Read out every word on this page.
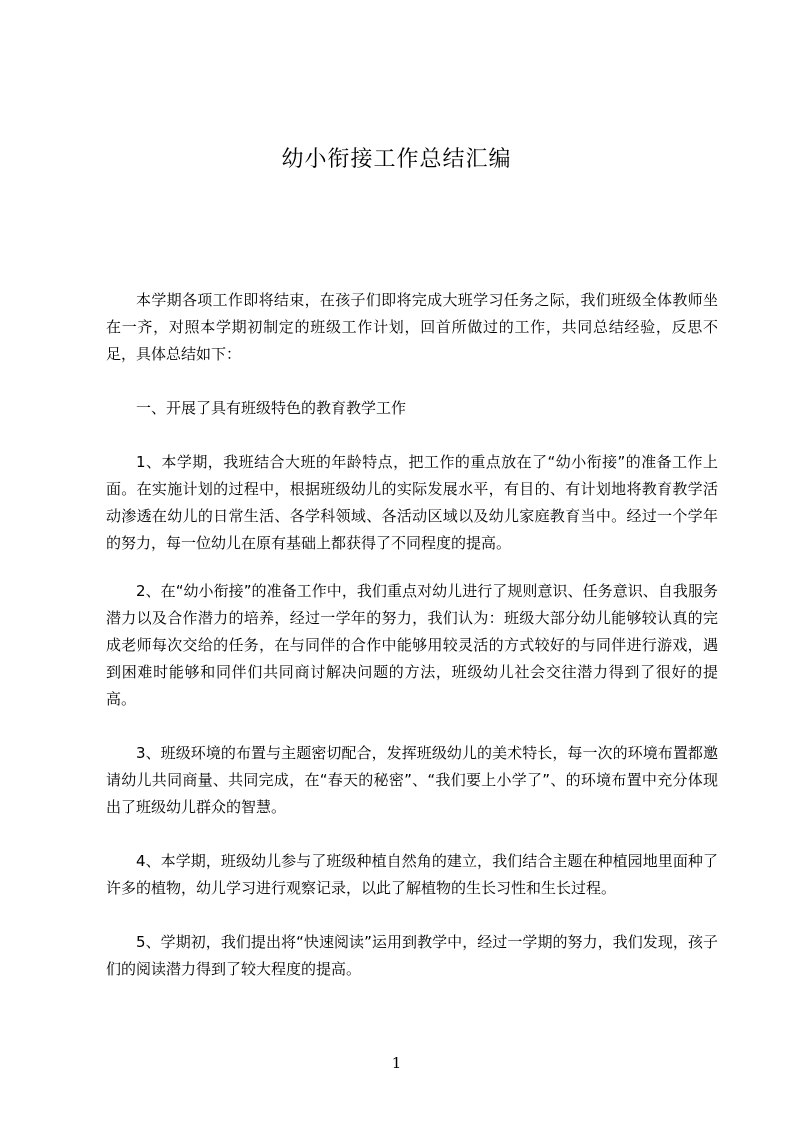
幼小衔接工作总结汇编

本学期各项工作即将结束，在孩子们即将完成大班学习任务之际，我们班级全体教师坐在一齐，对照本学期初制定的班级工作计划，回首所做过的工作，共同总结经验，反思不足，具体总结如下：

一、开展了具有班级特色的教育教学工作

1、本学期，我班结合大班的年龄特点，把工作的重点放在了“幼小衔接”的准备工作上面。在实施计划的过程中，根据班级幼儿的实际发展水平，有目的、有计划地将教育教学活动渗透在幼儿的日常生活、各学科领域、各活动区域以及幼儿家庭教育当中。经过一个学年的努力，每一位幼儿在原有基础上都获得了不同程度的提高。

2、在“幼小衔接”的准备工作中，我们重点对幼儿进行了规则意识、任务意识、自我服务潜力以及合作潜力的培养，经过一学年的努力，我们认为：班级大部分幼儿能够较认真的完成老师每次交给的任务，在与同伴的合作中能够用较灵活的方式较好的与同伴进行游戏，遇到困难时能够和同伴们共同商讨解决问题的方法，班级幼儿社会交往潜力得到了很好的提高。

3、班级环境的布置与主题密切配合，发挥班级幼儿的美术特长，每一次的环境布置都邀请幼儿共同商量、共同完成，在“春天的秘密”、“我们要上小学了”、的环境布置中充分体现出了班级幼儿群众的智慧。

4、本学期，班级幼儿参与了班级种植自然角的建立，我们结合主题在种植园地里面种了许多的植物，幼儿学习进行观察记录，以此了解植物的生长习性和生长过程。

5、学期初，我们提出将“快速阅读”运用到教学中，经过一学期的努力，我们发现，孩子们的阅读潜力得到了较大程度的提高。

1
